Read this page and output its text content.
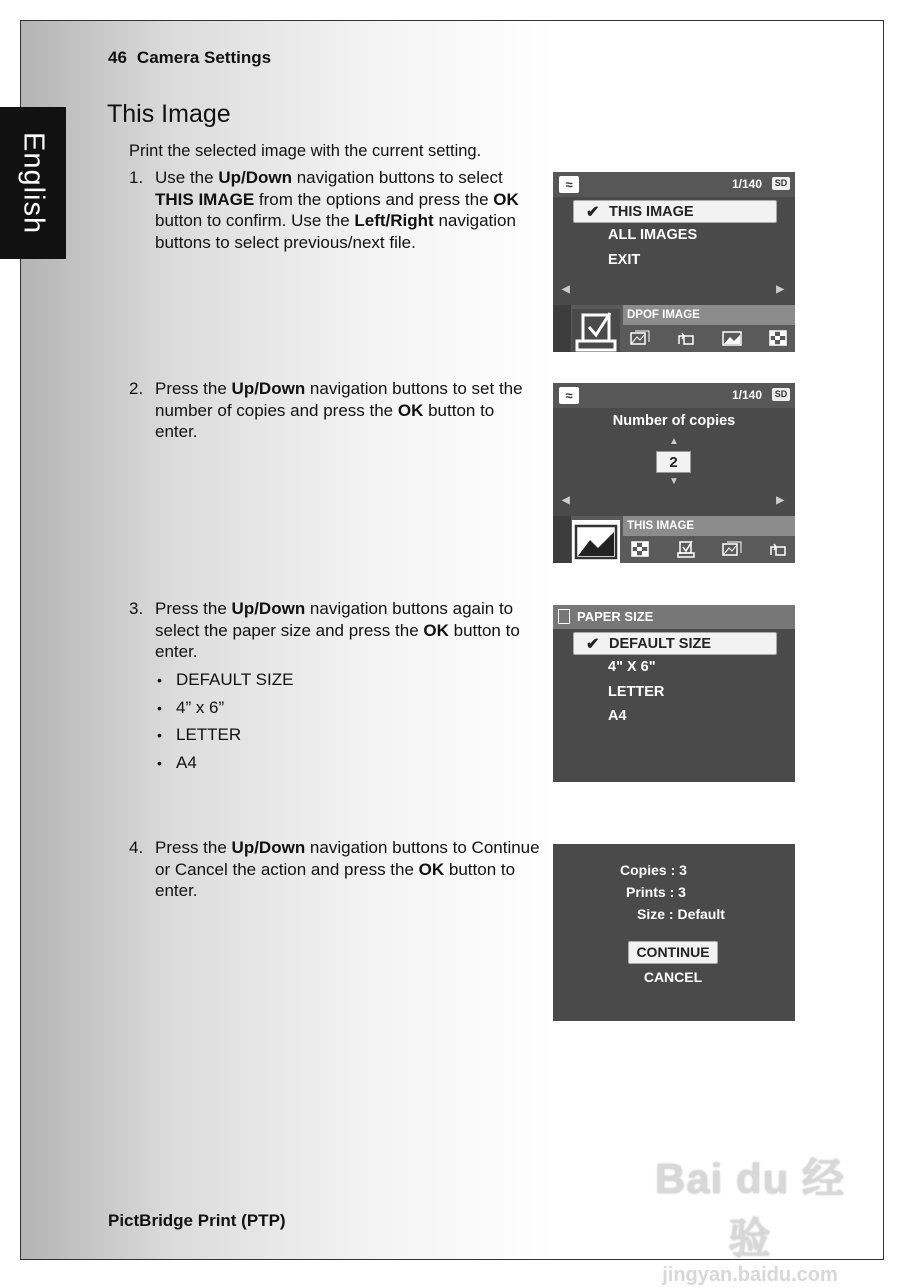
English
46 Camera Settings
This Image
Print the selected image with the current setting.
1. Use the Up/Down navigation buttons to select THIS IMAGE from the options and press the OK button to confirm. Use the Left/Right navigation buttons to select previous/next file.
2. Press the Up/Down navigation buttons to set the number of copies and press the OK button to enter.
3. Press the Up/Down navigation buttons again to select the paper size and press the OK button to enter.
• DEFAULT SIZE
• 4” x 6”
• LETTER
• A4
4. Press the Up/Down navigation buttons to Continue or Cancel the action and press the OK button to enter.
≈	1/140	SD
✔ THIS IMAGE
ALL IMAGES
EXIT
◀	▶
DPOF IMAGE
≈	1/140	SD
Number of copies
▲
2
▼
◀	▶
THIS IMAGE
PAPER SIZE
✔ DEFAULT SIZE
4" X 6"
LETTER
A4
Copies : 3
Prints : 3
Size : Default
CONTINUE
CANCEL
PictBridge Print (PTP)
Bai du 经验
jingyan.baidu.com
